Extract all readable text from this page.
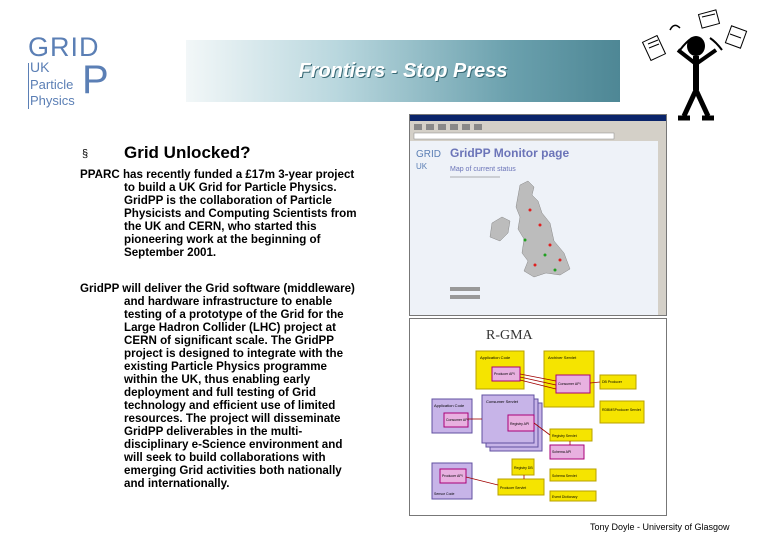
GRID
UK
Particle
Physics P	Frontiers - Stop Press
§ Grid Unlocked?
PPARC has recently funded a £17m 3-year project
to build a UK Grid for Particle Physics.
GridPP is the collaboration of Particle
Physicists and Computing Scientists from
the UK and CERN, who started this
pioneering work at the beginning of
September 2001.
GridPP will deliver the Grid software (middleware)
and hardware infrastructure to enable
testing of a prototype of the Grid for the
Large Hadron Collider (LHC) project at
CERN of significant scale. The GridPP
project is designed to integrate with the
existing Particle Physics programme
within the UK, thus enabling early
deployment and full testing of Grid
technology and efficient use of limited
resources. The project will disseminate
GridPP deliverables in the multi-
disciplinary e-Science environment and
will seek to build collaborations with
emerging Grid activities both nationally
and internationally.
GRID
UK
GridPP Monitor page
Map of current status
R-GMA
Application Code
Producer API
Archiver Servlet
Consumer API	DB Producer
Consumer Servlet
Registry API
Application Code
Consumer API
RDBMSProducer Servlet
Registry Servlet
Schema API
Producer API
Sensor Code
Registry DB
Schema Servlet
Producer Servlet
Event Dictionary
Tony Doyle - University of Glasgow
